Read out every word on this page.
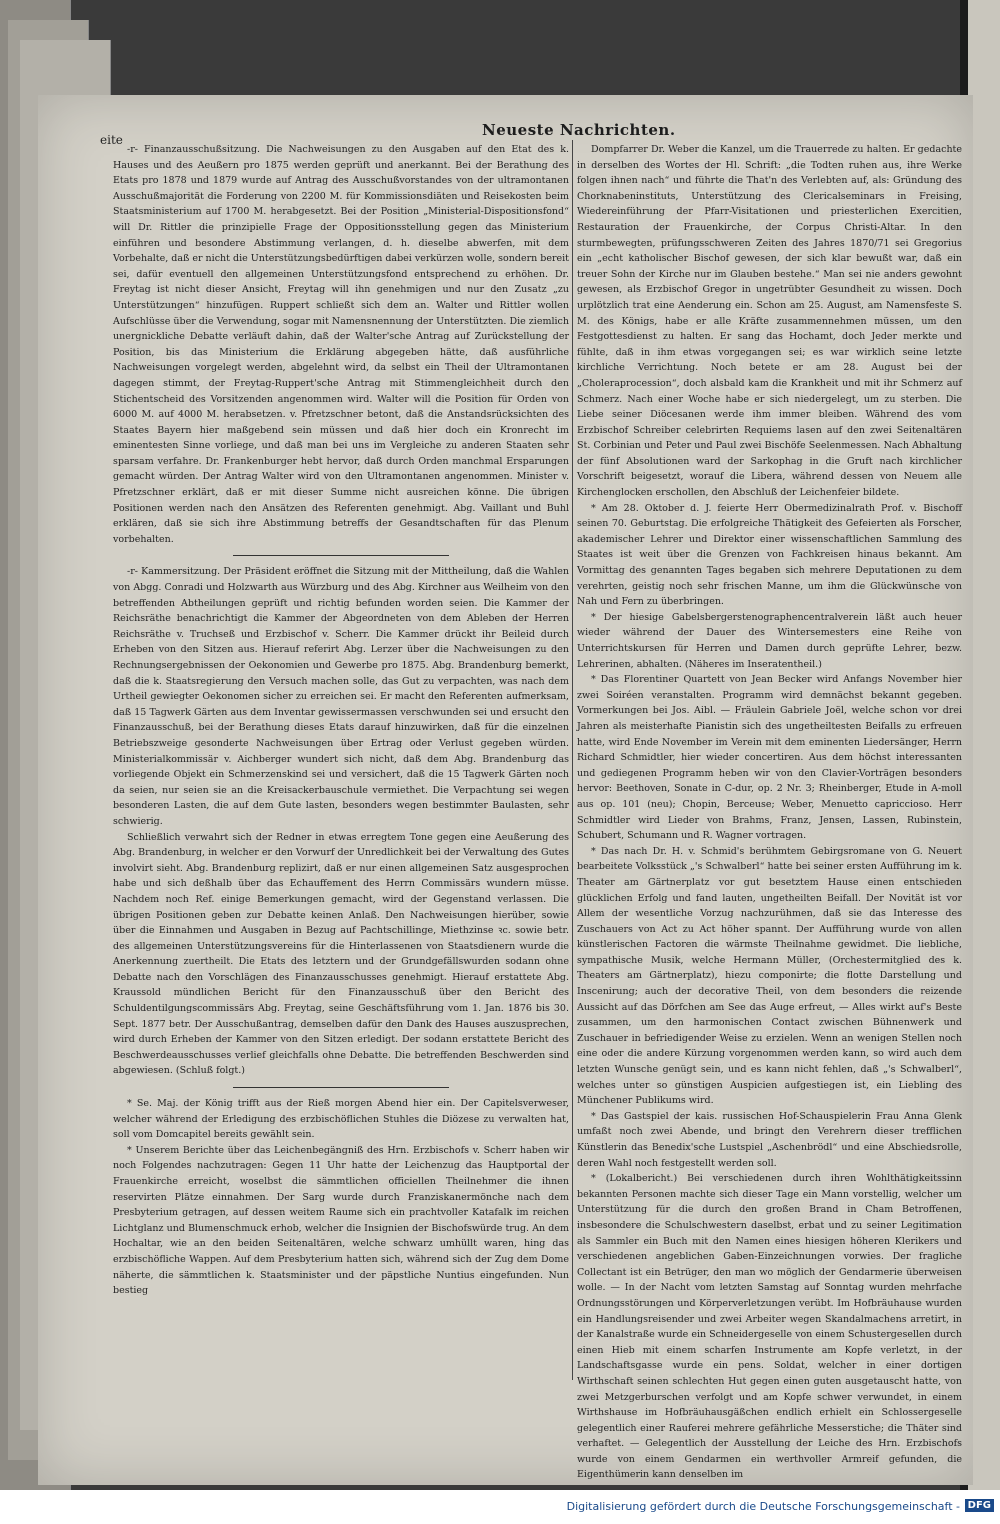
eite
Neueste Nachrichten.

-r- Finanzausschußsitzung. Die Nachweisungen zu den Ausgaben auf den Etat des k. Hauses und des Aeußern pro 1875 werden geprüft und anerkannt. Bei der Berathung des Etats pro 1878 und 1879 wurde auf Antrag des Ausschußvorstandes von der ultramontanen Ausschußmajorität die Forderung von 2200 M. für Kommissionsdiäten und Reisekosten beim Staatsministerium auf 1700 M. herabgesetzt. Bei der Position „Ministerial-Dispositionsfond“ will Dr. Rittler die prinzipielle Frage der Oppositionsstellung gegen das Ministerium einführen und besondere Abstimmung verlangen, d. h. dieselbe abwerfen, mit dem Vorbehalte, daß er nicht die Unterstützungsbedürftigen dabei verkürzen wolle, sondern bereit sei, dafür eventuell den allgemeinen Unterstützungsfond entsprechend zu erhöhen. Dr. Freytag ist nicht dieser Ansicht, Freytag will ihn genehmigen und nur den Zusatz „zu Unterstützungen“ hinzufügen. Ruppert schließt sich dem an. Walter und Rittler wollen Aufschlüsse über die Verwendung, sogar mit Namensnennung der Unterstützten. Die ziemlich unergnickliche Debatte verläuft dahin, daß der Walter'sche Antrag auf Zurückstellung der Position, bis das Ministerium die Erklärung abgegeben hätte, daß ausführliche Nachweisungen vorgelegt werden, abgelehnt wird, da selbst ein Theil der Ultramontanen dagegen stimmt, der Freytag-Ruppert'sche Antrag mit Stimmengleichheit durch den Stichentscheid des Vorsitzenden angenommen wird. Walter will die Position für Orden von 6000 M. auf 4000 M. herabsetzen. v. Pfretzschner betont, daß die Anstandsrücksichten des Staates Bayern hier maßgebend sein müssen und daß hier doch ein Kronrecht im eminentesten Sinne vorliege, und daß man bei uns im Vergleiche zu anderen Staaten sehr sparsam verfahre. Dr. Frankenburger hebt hervor, daß durch Orden manchmal Ersparungen gemacht würden. Der Antrag Walter wird von den Ultramontanen angenommen. Minister v. Pfretzschner erklärt, daß er mit dieser Summe nicht ausreichen könne. Die übrigen Positionen werden nach den Ansätzen des Referenten genehmigt. Abg. Vaillant und Buhl erklären, daß sie sich ihre Abstimmung betreffs der Gesandtschaften für das Plenum vorbehalten.

-r- Kammersitzung. Der Präsident eröffnet die Sitzung mit der Mittheilung, daß die Wahlen von Abgg. Conradi und Holzwarth aus Würzburg und des Abg. Kirchner aus Weilheim von den betreffenden Abtheilungen geprüft und richtig befunden worden seien. Die Kammer der Reichsräthe benachrichtigt die Kammer der Abgeordneten von dem Ableben der Herren Reichsräthe v. Truchseß und Erzbischof v. Scherr. Die Kammer drückt ihr Beileid durch Erheben von den Sitzen aus. Hierauf referirt Abg. Lerzer über die Nachweisungen zu den Rechnungsergebnissen der Oekonomien und Gewerbe pro 1875. Abg. Brandenburg bemerkt, daß die k. Staatsregierung den Versuch machen solle, das Gut zu verpachten, was nach dem Urtheil gewiegter Oekonomen sicher zu erreichen sei. Er macht den Referenten aufmerksam, daß 15 Tagwerk Gärten aus dem Inventar gewissermassen verschwunden sei und ersucht den Finanzausschuß, bei der Berathung dieses Etats darauf hinzuwirken, daß für die einzelnen Betriebszweige gesonderte Nachweisungen über Ertrag oder Verlust gegeben würden. Ministerialkommissär v. Aichberger wundert sich nicht, daß dem Abg. Brandenburg das vorliegende Objekt ein Schmerzenskind sei und versichert, daß die 15 Tagwerk Gärten noch da seien, nur seien sie an die Kreisackerbauschule vermiethet. Die Verpachtung sei wegen besonderen Lasten, die auf dem Gute lasten, besonders wegen bestimmter Baulasten, sehr schwierig.

Schließlich verwahrt sich der Redner in etwas erregtem Tone gegen eine Aeußerung des Abg. Brandenburg, in welcher er den Vorwurf der Unredlichkeit bei der Verwaltung des Gutes involvirt sieht. Abg. Brandenburg replizirt, daß er nur einen allgemeinen Satz ausgesprochen habe und sich deßhalb über das Echauffement des Herrn Commissärs wundern müsse. Nachdem noch Ref. einige Bemerkungen gemacht, wird der Gegenstand verlassen. Die übrigen Positionen geben zur Debatte keinen Anlaß. Den Nachweisungen hierüber, sowie über die Einnahmen und Ausgaben in Bezug auf Pachtschillinge, Miethzinse ꝛc. sowie betr. des allgemeinen Unterstützungsvereins für die Hinterlassenen von Staatsdienern wurde die Anerkennung zuertheilt. Die Etats des letztern und der Grundgefällswurden sodann ohne Debatte nach den Vorschlägen des Finanzausschusses genehmigt. Hierauf erstattete Abg. Kraussold mündlichen Bericht für den Finanzausschuß über den Bericht des Schuldentilgungscommissärs Abg. Freytag, seine Geschäftsführung vom 1. Jan. 1876 bis 30. Sept. 1877 betr. Der Ausschußantrag, demselben dafür den Dank des Hauses auszusprechen, wird durch Erheben der Kammer von den Sitzen erledigt. Der sodann erstattete Bericht des Beschwerdeausschusses verlief gleichfalls ohne Debatte. Die betreffenden Beschwerden sind abgewiesen. (Schluß folgt.)

* Se. Maj. der König trifft aus der Rieß morgen Abend hier ein. Der Capitelsverweser, welcher während der Erledigung des erzbischöflichen Stuhles die Diözese zu verwalten hat, soll vom Domcapitel bereits gewählt sein.

* Unserem Berichte über das Leichenbegängniß des Hrn. Erzbischofs v. Scherr haben wir noch Folgendes nachzutragen: Gegen 11 Uhr hatte der Leichenzug das Hauptportal der Frauenkirche erreicht, woselbst die sämmtlichen officiellen Theilnehmer die ihnen reservirten Plätze einnahmen. Der Sarg wurde durch Franziskanermönche nach dem Presbyterium getragen, auf dessen weitem Raume sich ein prachtvoller Katafalk im reichen Lichtglanz und Blumenschmuck erhob, welcher die Insignien der Bischofswürde trug. An dem Hochaltar, wie an den beiden Seitenaltären, welche schwarz umhüllt waren, hing das erzbischöfliche Wappen. Auf dem Presbyterium hatten sich, während sich der Zug dem Dome näherte, die sämmtlichen k. Staatsminister und der päpstliche Nuntius eingefunden. Nun bestieg

Dompfarrer Dr. Weber die Kanzel, um die Trauerrede zu halten. Er gedachte in derselben des Wortes der Hl. Schrift: „die Todten ruhen aus, ihre Werke folgen ihnen nach“ und führte die That'n des Verlebten auf, als: Gründung des Chorknabeninstituts, Unterstützung des Clericalseminars in Freising, Wiedereinführung der Pfarr-Visitationen und priesterlichen Exercitien, Restauration der Frauenkirche, der Corpus Christi-Altar. In den sturmbewegten, prüfungsschweren Zeiten des Jahres 1870/71 sei Gregorius ein „echt katholischer Bischof gewesen, der sich klar bewußt war, daß ein treuer Sohn der Kirche nur im Glauben bestehe.“ Man sei nie anders gewohnt gewesen, als Erzbischof Gregor in ungetrübter Gesundheit zu wissen. Doch urplötzlich trat eine Aenderung ein. Schon am 25. August, am Namensfeste S. M. des Königs, habe er alle Kräfte zusammennehmen müssen, um den Festgottesdienst zu halten. Er sang das Hochamt, doch Jeder merkte und fühlte, daß in ihm etwas vorgegangen sei; es war wirklich seine letzte kirchliche Verrichtung. Noch betete er am 28. August bei der „Choleraprocession“, doch alsbald kam die Krankheit und mit ihr Schmerz auf Schmerz. Nach einer Woche habe er sich niedergelegt, um zu sterben. Die Liebe seiner Diöcesanen werde ihm immer bleiben. Während des vom Erzbischof Schreiber celebrirten Requiems lasen auf den zwei Seitenaltären St. Corbinian und Peter und Paul zwei Bischöfe Seelenmessen. Nach Abhaltung der fünf Absolutionen ward der Sarkophag in die Gruft nach kirchlicher Vorschrift beigesetzt, worauf die Libera, während dessen von Neuem alle Kirchenglocken erschollen, den Abschluß der Leichenfeier bildete.

* Am 28. Oktober d. J. feierte Herr Obermedizinalrath Prof. v. Bischoff seinen 70. Geburtstag. Die erfolgreiche Thätigkeit des Gefeierten als Forscher, akademischer Lehrer und Direktor einer wissenschaftlichen Sammlung des Staates ist weit über die Grenzen von Fachkreisen hinaus bekannt. Am Vormittag des genannten Tages begaben sich mehrere Deputationen zu dem verehrten, geistig noch sehr frischen Manne, um ihm die Glückwünsche von Nah und Fern zu überbringen.

* Der hiesige Gabelsbergerstenographencentralverein läßt auch heuer wieder während der Dauer des Wintersemesters eine Reihe von Unterrichtskursen für Herren und Damen durch geprüfte Lehrer, bezw. Lehrerinen, abhalten. (Näheres im Inseratentheil.)

* Das Florentiner Quartett von Jean Becker wird Anfangs November hier zwei Soiréen veranstalten. Programm wird demnächst bekannt gegeben. Vormerkungen bei Jos. Aibl. — Fräulein Gabriele Joël, welche schon vor drei Jahren als meisterhafte Pianistin sich des ungetheiltesten Beifalls zu erfreuen hatte, wird Ende November im Verein mit dem eminenten Liedersänger, Herrn Richard Schmidtler, hier wieder concertiren. Aus dem höchst interessanten und gediegenen Programm heben wir von den Clavier-Vorträgen besonders hervor: Beethoven, Sonate in C-dur, op. 2 Nr. 3; Rheinberger, Etude in A-moll aus op. 101 (neu); Chopin, Berceuse; Weber, Menuetto capriccioso. Herr Schmidtler wird Lieder von Brahms, Franz, Jensen, Lassen, Rubinstein, Schubert, Schumann und R. Wagner vortragen.

* Das nach Dr. H. v. Schmid's berühmtem Gebirgsromane von G. Neuert bearbeitete Volksstück „'s Schwalberl“ hatte bei seiner ersten Aufführung im k. Theater am Gärtnerplatz vor gut besetztem Hause einen entschieden glücklichen Erfolg und fand lauten, ungetheilten Beifall. Der Novität ist vor Allem der wesentliche Vorzug nachzurühmen, daß sie das Interesse des Zuschauers von Act zu Act höher spannt. Der Aufführung wurde von allen künstlerischen Factoren die wärmste Theilnahme gewidmet. Die liebliche, sympathische Musik, welche Hermann Müller, (Orchestermitglied des k. Theaters am Gärtnerplatz), hiezu componirte; die flotte Darstellung und Inscenirung; auch der decorative Theil, von dem besonders die reizende Aussicht auf das Dörfchen am See das Auge erfreut, — Alles wirkt auf's Beste zusammen, um den harmonischen Contact zwischen Bühnenwerk und Zuschauer in befriedigender Weise zu erzielen. Wenn an wenigen Stellen noch eine oder die andere Kürzung vorgenommen werden kann, so wird auch dem letzten Wunsche genügt sein, und es kann nicht fehlen, daß „'s Schwalberl“, welches unter so günstigen Auspicien aufgestiegen ist, ein Liebling des Münchener Publikums wird.

* Das Gastspiel der kais. russischen Hof-Schauspielerin Frau Anna Glenk umfaßt noch zwei Abende, und bringt den Verehrern dieser trefflichen Künstlerin das Benedix'sche Lustspiel „Aschenbrödl“ und eine Abschiedsrolle, deren Wahl noch festgestellt werden soll.

* (Lokalbericht.) Bei verschiedenen durch ihren Wohlthätigkeitssinn bekannten Personen machte sich dieser Tage ein Mann vorstellig, welcher um Unterstützung für die durch den großen Brand in Cham Betroffenen, insbesondere die Schulschwestern daselbst, erbat und zu seiner Legitimation als Sammler ein Buch mit den Namen eines hiesigen höheren Klerikers und verschiedenen angeblichen Gaben-Einzeichnungen vorwies. Der fragliche Collectant ist ein Betrüger, den man wo möglich der Gendarmerie überweisen wolle. — In der Nacht vom letzten Samstag auf Sonntag wurden mehrfache Ordnungsstörungen und Körperverletzungen verübt. Im Hofbräuhause wurden ein Handlungsreisender und zwei Arbeiter wegen Skandalmachens arretirt, in der Kanalstraße wurde ein Schneidergeselle von einem Schustergesellen durch einen Hieb mit einem scharfen Instrumente am Kopfe verletzt, in der Landschaftsgasse wurde ein pens. Soldat, welcher in einer dortigen Wirthschaft seinen schlechten Hut gegen einen guten ausgetauscht hatte, von zwei Metzgerburschen verfolgt und am Kopfe schwer verwundet, in einem Wirthshause im Hofbräuhausgäßchen endlich erhielt ein Schlossergeselle gelegentlich einer Rauferei mehrere gefährliche Messerstiche; die Thäter sind verhaftet. — Gelegentlich der Ausstellung der Leiche des Hrn. Erzbischofs wurde von einem Gendarmen ein werthvoller Armreif gefunden, die Eigenthümerin kann denselben im

Digitalisierung gefördert durch die Deutsche Forschungsgemeinschaft - DFG
